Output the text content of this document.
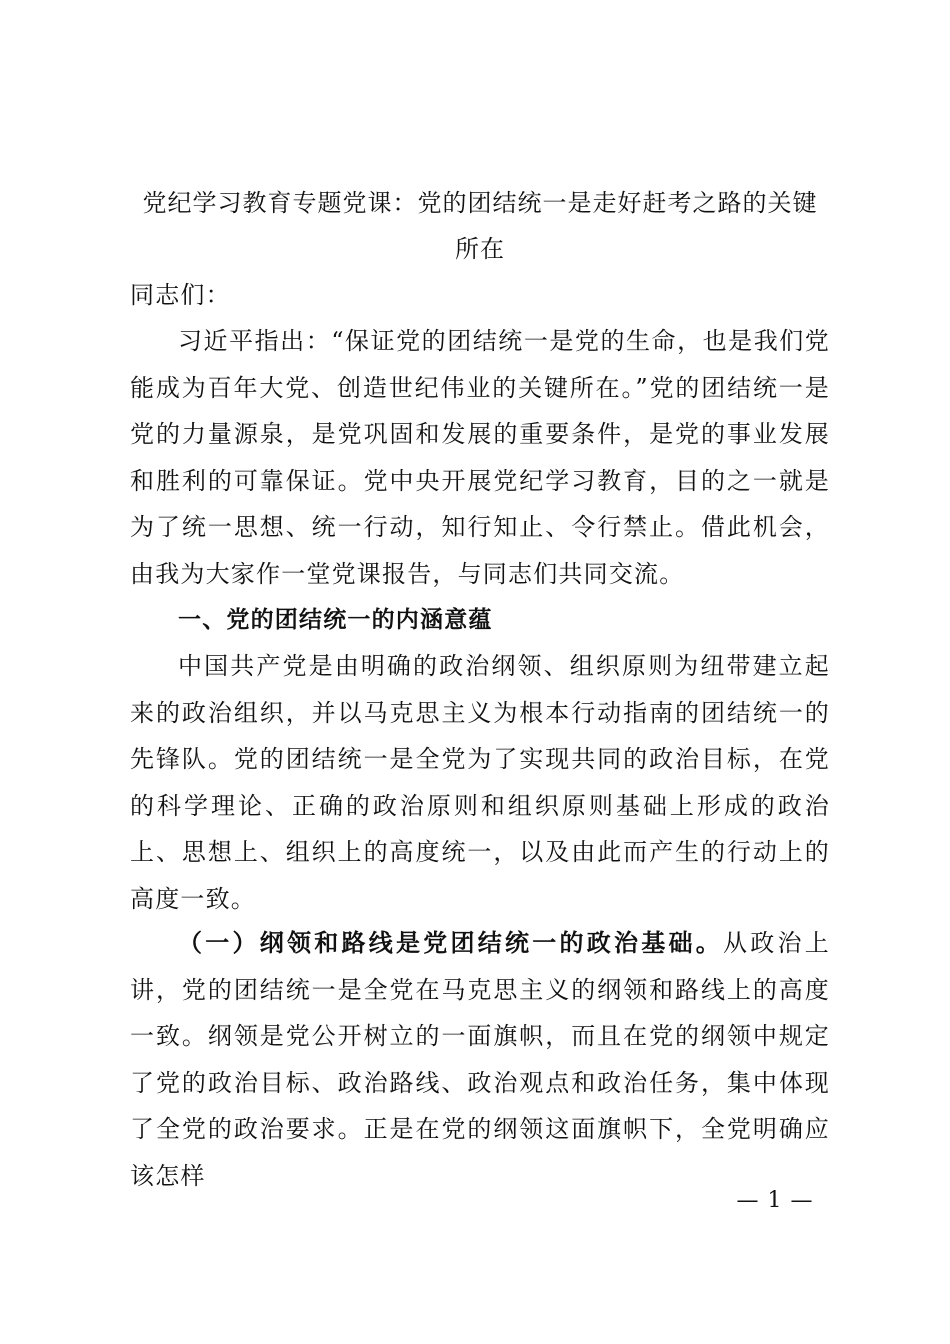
党纪学习教育专题党课：党的团结统一是走好赶考之路的关键
所在

同志们：

习近平指出：“保证党的团结统一是党的生命，也是我们党能成为百年大党、创造世纪伟业的关键所在。”党的团结统一是党的力量源泉，是党巩固和发展的重要条件，是党的事业发展和胜利的可靠保证。党中央开展党纪学习教育，目的之一就是为了统一思想、统一行动，知行知止、令行禁止。借此机会，由我为大家作一堂党课报告，与同志们共同交流。

一、党的团结统一的内涵意蕴

中国共产党是由明确的政治纲领、组织原则为纽带建立起来的政治组织，并以马克思主义为根本行动指南的团结统一的先锋队。党的团结统一是全党为了实现共同的政治目标，在党的科学理论、正确的政治原则和组织原则基础上形成的政治上、思想上、组织上的高度统一，以及由此而产生的行动上的高度一致。

（一）纲领和路线是党团结统一的政治基础。从政治上讲，党的团结统一是全党在马克思主义的纲领和路线上的高度一致。纲领是党公开树立的一面旗帜，而且在党的纲领中规定了党的政治目标、政治路线、政治观点和政治任务，集中体现了全党的政治要求。正是在党的纲领这面旗帜下，全党明确应该怎样

— 1 —
